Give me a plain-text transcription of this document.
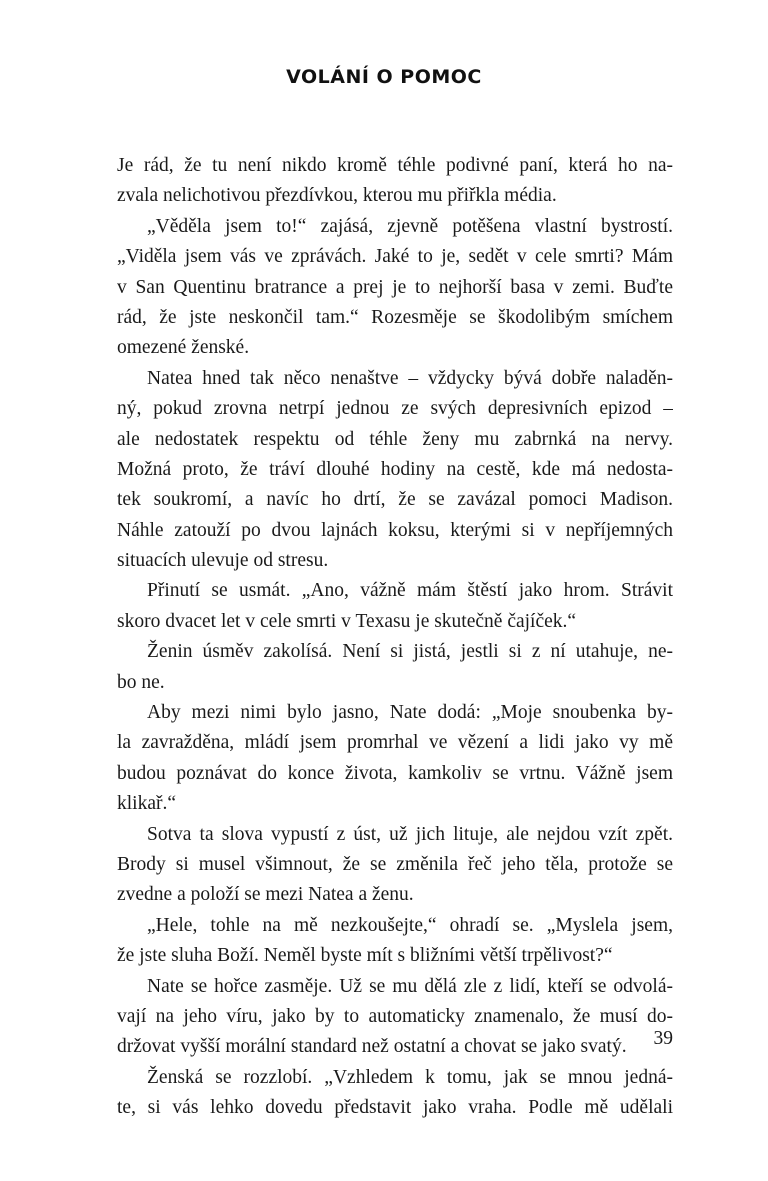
VOLÁNÍ O POMOC
Je rád, že tu není nikdo kromě téhle podivné paní, která ho na-
zvala nelichotivou přezdívkou, kterou mu přiřkla média.
„Věděla jsem to!“ zajásá, zjevně potěšena vlastní bystrostí.
„Viděla jsem vás ve zprávách. Jaké to je, sedět v cele smrti? Mám
v San Quentinu bratrance a prej je to nejhorší basa v zemi. Buďte
rád, že jste neskončil tam.“ Rozesměje se škodolibým smíchem
omezené ženské.
Natea hned tak něco nenaštve – vždycky bývá dobře naladěn-
ný, pokud zrovna netrpí jednou ze svých depresivních epizod –
ale nedostatek respektu od téhle ženy mu zabrnká na nervy.
Možná proto, že tráví dlouhé hodiny na cestě, kde má nedosta-
tek soukromí, a navíc ho drtí, že se zavázal pomoci Madison.
Náhle zatouží po dvou lajnách koksu, kterými si v nepříjemných
situacích ulevuje od stresu.
Přinutí se usmát. „Ano, vážně mám štěstí jako hrom. Strávit
skoro dvacet let v cele smrti v Texasu je skutečně čajíček.“
Ženin úsměv zakolísá. Není si jistá, jestli si z ní utahuje, ne-
bo ne.
Aby mezi nimi bylo jasno, Nate dodá: „Moje snoubenka by-
la zavražděna, mládí jsem promrhal ve vězení a lidi jako vy mě
budou poznávat do konce života, kamkoliv se vrtnu. Vážně jsem
klikař.“
Sotva ta slova vypustí z úst, už jich lituje, ale nejdou vzít zpět.
Brody si musel všimnout, že se změnila řeč jeho těla, protože se
zvedne a položí se mezi Natea a ženu.
„Hele, tohle na mě nezkoušejte,“ ohradí se. „Myslela jsem,
že jste sluha Boží. Neměl byste mít s bližními větší trpělivost?“
Nate se hořce zasměje. Už se mu dělá zle z lidí, kteří se odvolá-
vají na jeho víru, jako by to automaticky znamenalo, že musí do-
držovat vyšší morální standard než ostatní a chovat se jako svatý.
Ženská se rozzlobí. „Vzhledem k tomu, jak se mnou jedná-
te, si vás lehko dovedu představit jako vraha. Podle mě udělali
39
